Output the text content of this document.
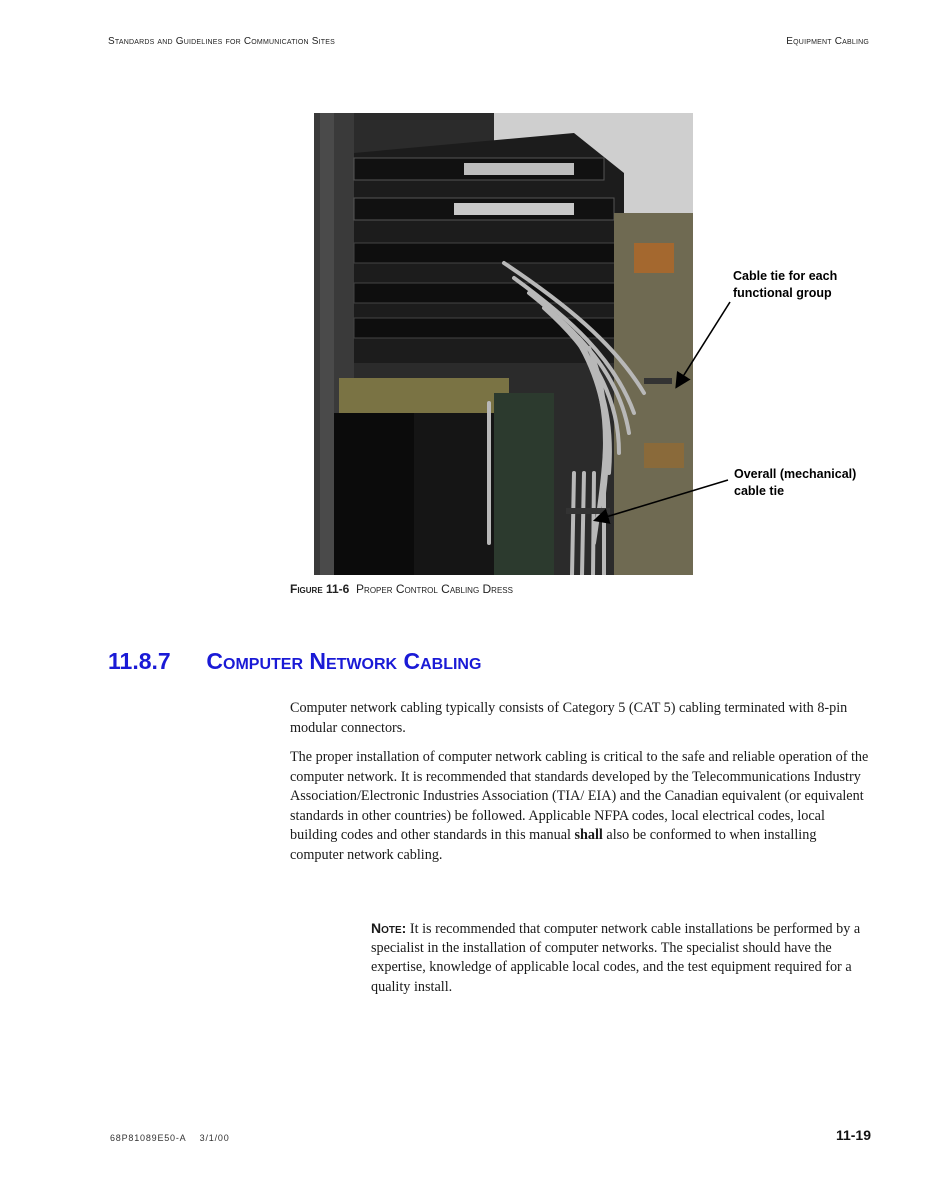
Standards and Guidelines for Communication Sites	Equipment Cabling
Cable tie for each
functional group
Overall (mechanical)
cable tie
Figure 11-6 Proper Control Cabling Dress
11.8.7 Computer Network Cabling
Computer network cabling typically consists of Category 5 (CAT 5) cabling terminated with 8-pin modular connectors.
The proper installation of computer network cabling is critical to the safe and reliable operation of the computer network. It is recommended that standards developed by the Telecommunications Industry Association/Electronic Industries Association (TIA/ EIA) and the Canadian equivalent (or equivalent standards in other countries) be followed. Applicable NFPA codes, local electrical codes, local building codes and other standards in this manual shall also be conformed to when installing computer network cabling.
Note: It is recommended that computer network cable installations be performed by a specialist in the installation of computer networks. The specialist should have the expertise, knowledge of applicable local codes, and the test equipment required for a quality install.
68P81089E50-A 3/1/00	11-19
